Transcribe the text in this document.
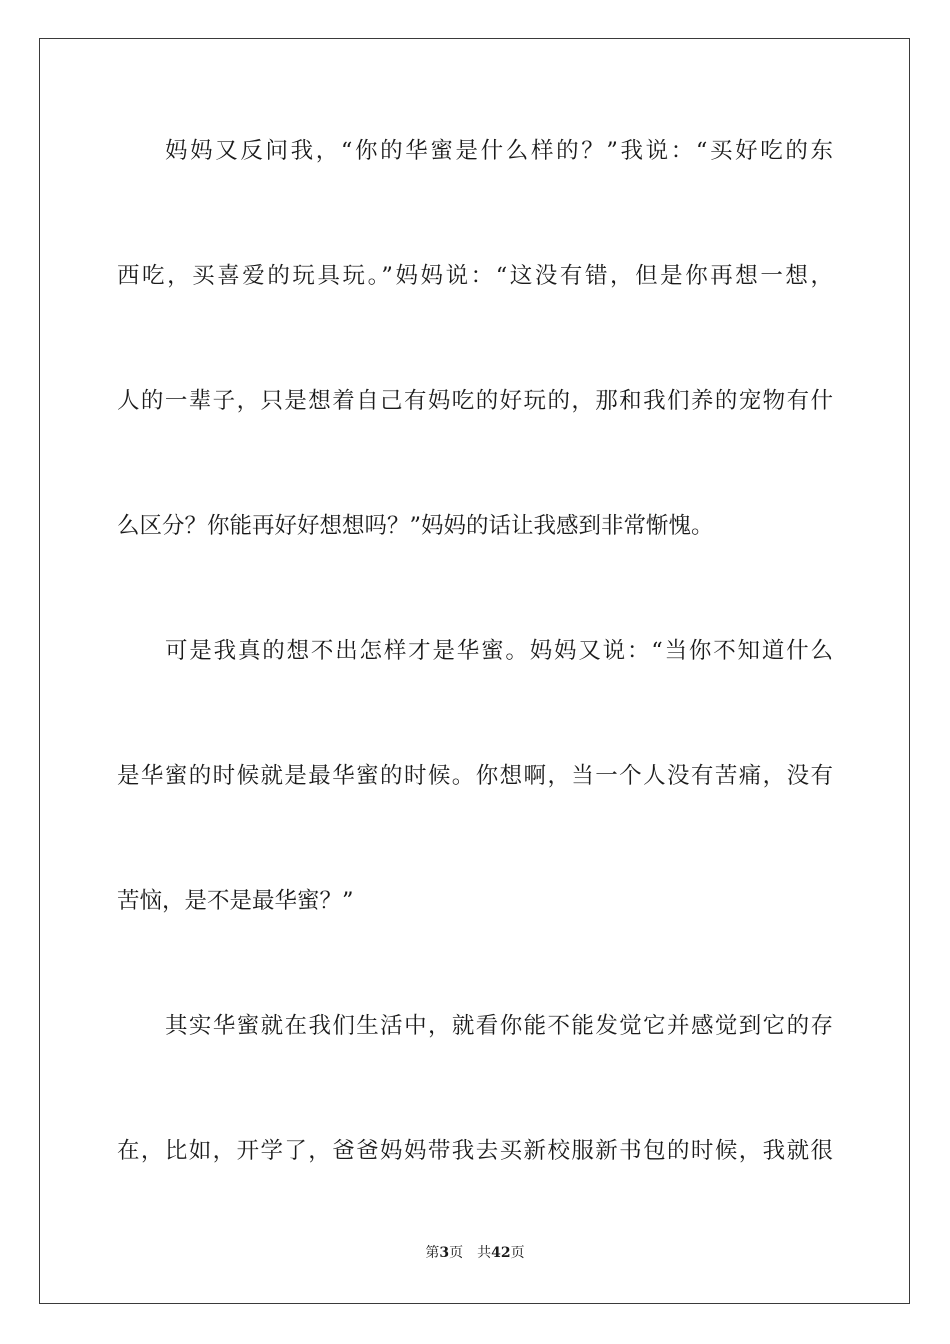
妈妈又反问我，“你的华蜜是什么样的？”我说：“买好吃的东
西吃，买喜爱的玩具玩。”妈妈说：“这没有错，但是你再想一想，
人的一辈子，只是想着自己有妈吃的好玩的，那和我们养的宠物有什
么区分？你能再好好想想吗？”妈妈的话让我感到非常惭愧。
可是我真的想不出怎样才是华蜜。妈妈又说：“当你不知道什么
是华蜜的时候就是最华蜜的时候。你想啊，当一个人没有苦痛，没有
苦恼，是不是最华蜜？”
其实华蜜就在我们生活中，就看你能不能发觉它并感觉到它的存
在，比如，开学了，爸爸妈妈带我去买新校服新书包的时候，我就很
第3页 共42页
